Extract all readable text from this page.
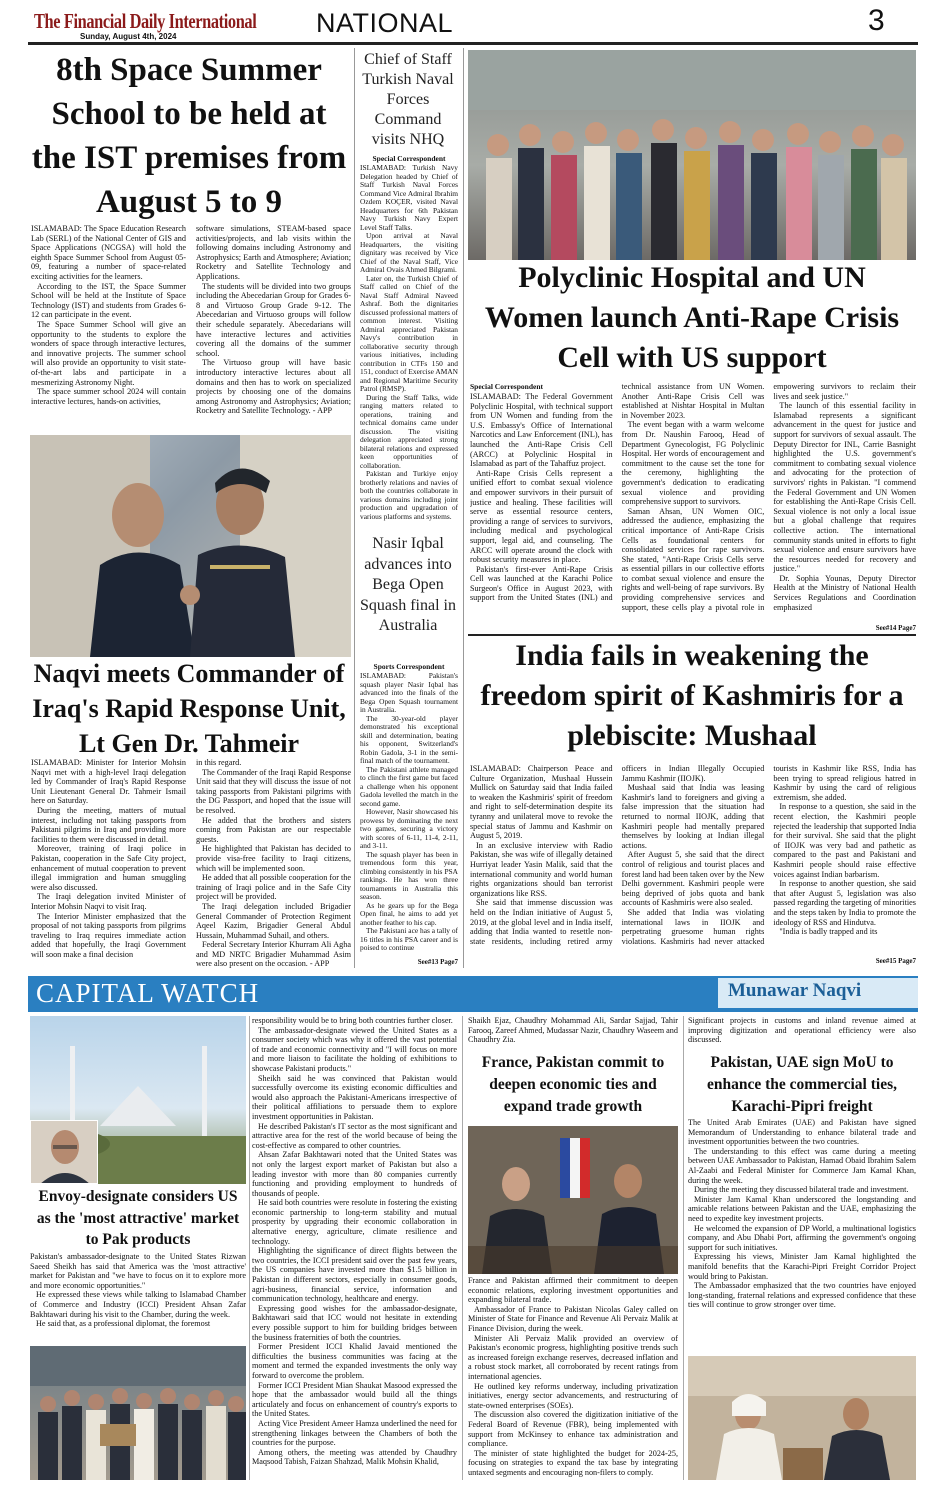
The Financial Daily International
Sunday, August 4th, 2024	NATIONAL	3
8th Space Summer School to be held at the IST premises from August 5 to 9

ISLAMABAD: The Space Education Research Lab (SERL) of the National Center of GIS and Space Applications (NCGSA) will hold the eighth Space Summer School from August 05-09, featuring a number of space-related exciting activities for the learners.

According to the IST, the Space Summer School will be held at the Institute of Space Technology (IST) and students from Grades 6-12 can participate in the event.

The Space Summer School will give an opportunity to the students to explore the wonders of space through interactive lectures, and innovative projects. The summer school will also provide an opportunity to visit state-of-the-art labs and participate in a mesmerizing Astronomy Night.

The space summer school 2024 will contain interactive lectures, hands-on activities,

software simulations, STEAM-based space activities/projects, and lab visits within the following domains including Astronomy and Astrophysics; Earth and Atmosphere; Aviation; Rocketry and Satellite Technology and Applications.

The students will be divided into two groups including the Abecedarian Group for Grades 6-8 and Virtuoso Group Grade 9-12. The Abecedarian and Virtuoso groups will follow their schedule separately. Abecedarians will have interactive lectures and activities covering all the domains of the summer school.

The Virtuoso group will have basic introductory interactive lectures about all domains and then has to work on specialized projects by choosing one of the domains among Astronomy and Astrophysics; Aviation; Rocketry and Satellite Technology. - APP

Naqvi meets Commander of Iraq's Rapid Response Unit, Lt Gen Dr. Tahmeir

ISLAMABAD: Minister for Interior Mohsin Naqvi met with a high-level Iraqi delegation led by Commander of Iraq's Rapid Response Unit Lieutenant General Dr. Tahmeir Ismail here on Saturday.

During the meeting, matters of mutual interest, including not taking passports from Pakistani pilgrims in Iraq and providing more facilities to them were discussed in detail.

Moreover, training of Iraqi police in Pakistan, cooperation in the Safe City project, enhancement of mutual cooperation to prevent illegal immigration and human smuggling were also discussed.

The Iraqi delegation invited Minister of Interior Mohsin Naqvi to visit Iraq.

The Interior Minister emphasized that the proposal of not taking passports from pilgrims traveling to Iraq requires immediate action added that hopefully, the Iraqi Government will soon make a final decision

in this regard.

The Commander of the Iraqi Rapid Response Unit said that they will discuss the issue of not taking passports from Pakistani pilgrims with the DG Passport, and hoped that the issue will be resolved.

He added that the brothers and sisters coming from Pakistan are our respectable guests.

He highlighted that Pakistan has decided to provide visa-free facility to Iraqi citizens, which will be implemented soon.

He added that all possible cooperation for the training of Iraqi police and in the Safe City project will be provided.

The Iraqi delegation included Brigadier General Commander of Protection Regiment Aqeel Kazim, Brigadier General Abdul Hussain, Muhammad Suhail, and others.

Federal Secretary Interior Khurram Ali Agha and MD NRTC Brigadier Muhammad Asim were also present on the occasion. - APP

Chief of Staff Turkish Naval Forces Command visits NHQ
Special Correspondent

ISLAMABAD: Turkish Navy Delegation headed by Chief of Staff Turkish Naval Forces Command Vice Admiral Ibrahim Ozdem KOÇER, visited Naval Headquarters for 6th Pakistan Navy Turkish Navy Expert Level Staff Talks.

Upon arrival at Naval Headquarters, the visiting dignitary was received by Vice Chief of the Naval Staff, Vice Admiral Ovais Ahmed Bilgrami.

Later on, the Turkish Chief of Staff called on Chief of the Naval Staff Admiral Naveed Ashraf. Both the dignitaries discussed professional matters of common interest. Visiting Admiral appreciated Pakistan Navy's contribution in collaborative security through various initiatives, including contribution in CTFs 150 and 151, conduct of Exercise AMAN and Regional Maritime Security Patrol (RMSP).

During the Staff Talks, wide ranging matters related to operations, training and technical domains came under discussion. The visiting delegation appreciated strong bilateral relations and expressed keen opportunities of collaboration.

Pakistan and Turkiye enjoy brotherly relations and navies of both the countries collaborate in various domains including joint production and upgradation of various platforms and systems.

Nasir Iqbal advances into Bega Open Squash final in Australia
Sports Correspondent

ISLAMABAD: Pakistan's squash player Nasir Iqbal has advanced into the finals of the Bega Open Squash tournament in Australia.

The 30-year-old player demonstrated his exceptional skill and determination, beating his opponent, Switzerland's Robin Gadola, 3-1 in the semi-final match of the tournament.

The Pakistani athlete managed to clinch the first game but faced a challenge when his opponent Gadola levelled the match in the second game.

However, Nasir showcased his prowess by dominating the next two games, securing a victory with scores of 6-11, 11-4, 2-11, and 3-11.

The squash player has been in tremendous form this year, climbing consistently in his PSA rankings. He has won three tournaments in Australia this season.

As he gears up for the Bega Open final, he aims to add yet another feather to his cap.

The Pakistani ace has a tally of 16 titles in his PSA career and is poised to continue

See#13 Page7
Polyclinic Hospital and UN Women launch Anti-Rape Crisis Cell with US support
Special Correspondent

ISLAMABAD: The Federal Government Polyclinic Hospital, with technical support from UN Women and funding from the U.S. Embassy's Office of International Narcotics and Law Enforcement (INL), has launched the Anti-Rape Crisis Cell (ARCC) at Polyclinic Hospital in Islamabad as part of the Tahaffuz project.

Anti-Rape Crisis Cells represent a unified effort to combat sexual violence and empower survivors in their pursuit of justice and healing. These facilities will serve as essential resource centers, providing a range of services to survivors, including medical and psychological support, legal aid, and counseling. The ARCC will operate around the clock with robust security measures in place.

Pakistan's first-ever Anti-Rape Crisis Cell was launched at the Karachi Police Surgeon's Office in August 2023, with support from the United States (INL) and technical assistance from UN Women. Another Anti-Rape Crisis Cell was established at Nishtar Hospital in Multan in November 2023.

The event began with a warm welcome from Dr. Naushin Farooq, Head of Department Gynecologist, FG Polyclinic Hospital. Her words of encouragement and commitment to the cause set the tone for the ceremony, highlighting the government's dedication to eradicating sexual violence and providing comprehensive support to survivors.

Saman Ahsan, UN Women OIC, addressed the audience, emphasizing the critical importance of Anti-Rape Crisis Cells as foundational centers for consolidated services for rape survivors. She stated, "Anti-Rape Crisis Cells serve as essential pillars in our collective efforts to combat sexual violence and ensure the rights and well-being of rape survivors. By providing comprehensive services and support, these cells play a pivotal role in empowering survivors to reclaim their lives and seek justice."

The launch of this essential facility in Islamabad represents a significant advancement in the quest for justice and support for survivors of sexual assault. The Deputy Director for INL, Carrie Basnight highlighted the U.S. government's commitment to combating sexual violence and advocating for the protection of survivors' rights in Pakistan. "I commend the Federal Government and UN Women for establishing the Anti-Rape Crisis Cell. Sexual violence is not only a local issue but a global challenge that requires collective action. The international community stands united in efforts to fight sexual violence and ensure survivors have the resources needed for recovery and justice."

Dr. Sophia Younas, Deputy Director Health at the Ministry of National Health Services Regulations and Coordination emphasized

See#14 Page7
India fails in weakening the freedom spirit of Kashmiris for a plebiscite: Mushaal

ISLAMABAD: Chairperson Peace and Culture Organization, Mushaal Hussein Mullick on Saturday said that India failed to weaken the Kashmiris' spirit of freedom and right to self-determination despite its tyranny and unilateral move to revoke the special status of Jammu and Kashmir on August 5, 2019.

In an exclusive interview with Radio Pakistan, she was wife of illegally detained Hurriyat leader Yasin Malik, said that the international community and world human rights organizations should ban terrorist organizations like RSS.

She said that immense discussion was held on the Indian initiative of August 5, 2019, at the global level and in India itself, adding that India wanted to resettle non-state residents, including retired army officers in Indian Illegally Occupied Jammu Kashmir (IIOJK).

Mushaal said that India was leasing Kashmir's land to foreigners and giving a false impression that the situation had returned to normal IIOJK, adding that Kashmiri people had mentally prepared themselves by looking at Indian illegal actions.

After August 5, she said that the direct control of religious and tourist places and forest land had been taken over by the New Delhi government. Kashmiri people were being deprived of jobs quota and bank accounts of Kashmiris were also sealed.

She added that India was violating international laws in IIOJK and perpetrating gruesome human rights violations. Kashmiris had never attacked tourists in Kashmir like RSS, India has been trying to spread religious hatred in Kashmir by using the card of religious extremism, she added.

In response to a question, she said in the recent election, the Kashmiri people rejected the leadership that supported India for their survival. She said that the plight of IIOJK was very bad and pathetic as compared to the past and Pakistani and Kashmiri people should raise effective voices against Indian barbarism.

In response to another question, she said that after August 5, legislation was also passed regarding the targeting of minorities and the steps taken by India to promote the ideology of RSS and Hindutva.

"India is badly trapped and its

See#15 Page7
CAPITAL WATCH	Munawar Naqvi
Envoy-designate considers US as the 'most attractive' market to Pak products

Pakistan's ambassador-designate to the United States Rizwan Saeed Sheikh has said that America was the 'most attractive' market for Pakistan and "we have to focus on it to explore more and more economic opportunities."

He expressed these views while talking to Islamabad Chamber of Commerce and Industry (ICCI) President Ahsan Zafar Bakhtawari during his visit to the Chamber, during the week.

He said that, as a professional diplomat, the foremost

responsibility would be to bring both countries further closer.

The ambassador-designate viewed the United States as a consumer society which was why it offered the vast potential of trade and economic connectivity and "I will focus on more and more liaison to facilitate the holding of exhibitions to showcase Pakistani products."

Sheikh said he was convinced that Pakistan would successfully overcome its existing economic difficulties and would also approach the Pakistani-Americans irrespective of their political affiliations to persuade them to explore investment opportunities in Pakistan.

He described Pakistan's IT sector as the most significant and attractive area for the rest of the world because of being the cost-effective as compared to other countries.

Ahsan Zafar Bakhtawari noted that the United States was not only the largest export market of Pakistan but also a leading investor with more than 80 companies currently functioning and providing employment to hundreds of thousands of people.

He said both countries were resolute in fostering the existing economic partnership to long-term stability and mutual prosperity by upgrading their economic collaboration in alternative energy, agriculture, climate resilience and technology.

Highlighting the significance of direct flights between the two countries, the ICCI president said over the past few years, the US companies have invested more than $1.5 billion in Pakistan in different sectors, especially in consumer goods, agri-business, financial service, information and communication technology, healthcare and energy.

Expressing good wishes for the ambassador-designate, Bakhtawari said that ICC would not hesitate in extending every possible support to him for building bridges between the business fraternities of both the countries.

Former President ICCI Khalid Javaid mentioned the difficulties the business communities was facing at the moment and termed the expanded investments the only way forward to overcome the problem.

Former ICCI President Mian Shaukat Masood expressed the hope that the ambassador would build all the things articulately and focus on enhancement of country's exports to the United States.

Acting Vice President Ameer Hamza underlined the need for strengthening linkages between the Chambers of both the countries for the purpose.

Among others, the meeting was attended by Chaudhry Maqsood Tabish, Faizan Shahzad, Malik Mohsin Khalid,

Shaikh Ejaz, Chaudhry Mohammad Ali, Sardar Sajjad, Tahir Farooq, Zareef Ahmed, Mudassar Nazir, Chaudhry Waseem and Chaudhry Zia.

France, Pakistan commit to deepen economic ties and expand trade growth

France and Pakistan affirmed their commitment to deepen economic relations, exploring investment opportunities and expanding bilateral trade.

Ambassador of France to Pakistan Nicolas Galey called on Minister of State for Finance and Revenue Ali Pervaiz Malik at Finance Division, during the week.

Minister Ali Pervaiz Malik provided an overview of Pakistan's economic progress, highlighting positive trends such as increased foreign exchange reserves, decreased inflation and a robust stock market, all corroborated by recent ratings from international agencies.

He outlined key reforms underway, including privatization initiatives, energy sector advancements, and restructuring of state-owned enterprises (SOEs).

The discussion also covered the digitization initiative of the Federal Board of Revenue (FBR), being implemented with support from McKinsey to enhance tax administration and compliance.

The minister of state highlighted the budget for 2024-25, focusing on strategies to expand the tax base by integrating untaxed segments and encouraging non-filers to comply.

Significant projects in customs and inland revenue aimed at improving digitization and operational efficiency were also discussed.

Pakistan, UAE sign MoU to enhance the commercial ties, Karachi-Pipri freight

The United Arab Emirates (UAE) and Pakistan have signed Memorandum of Understanding to enhance bilateral trade and investment opportunities between the two countries.

The understanding to this effect was came during a meeting between UAE Ambassador to Pakistan, Hamad Obaid Ibrahim Salem Al-Zaabi and Federal Minister for Commerce Jam Kamal Khan, during the week.

During the meeting they discussed bilateral trade and investment.

Minister Jam Kamal Khan underscored the longstanding and amicable relations between Pakistan and the UAE, emphasizing the need to expedite key investment projects.

He welcomed the expansion of DP World, a multinational logistics company, and Abu Dhabi Port, affirming the government's ongoing support for such initiatives.

Expressing his views, Minister Jam Kamal highlighted the manifold benefits that the Karachi-Pipri Freight Corridor Project would bring to Pakistan.

The Ambassador emphasized that the two countries have enjoyed long-standing, fraternal relations and expressed confidence that these ties will continue to grow stronger over time.
